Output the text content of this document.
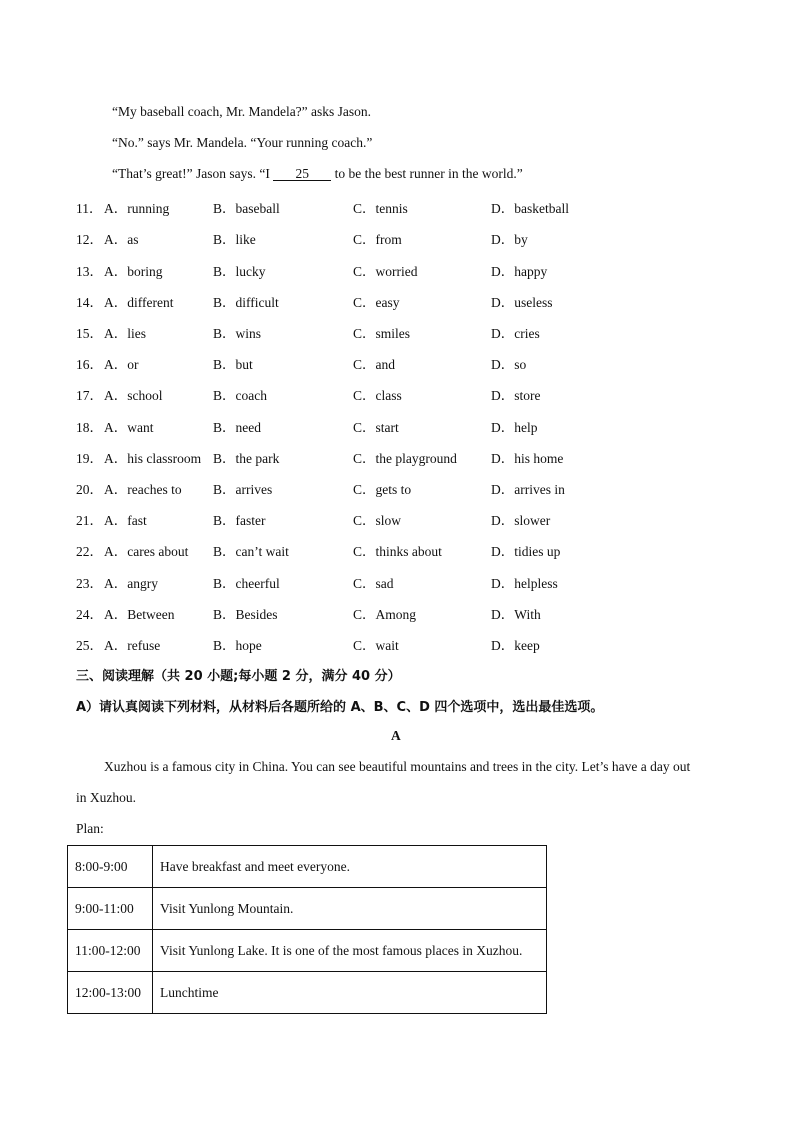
“My baseball coach, Mr. Mandela?” asks Jason.
“No.” says Mr. Mandela. “Your running coach.”
“That’s great!” Jason says. “I 25 to be the best runner in the world.”
11． A．running	B．baseball	C．tennis	D．basketball
12． A．as	B．like	C．from	D．by
13． A．boring	B．lucky	C．worried	D．happy
14． A．different	B．difficult	C．easy	D．useless
15． A．lies	B．wins	C．smiles	D．cries
16． A．or	B．but	C．and	D．so
17． A．school	B．coach	C．class	D．store
18． A．want	B．need	C．start	D．help
19． A．his classroom B．the park	C．the playground	D．his home
20． A．reaches to B．arrives	C．gets to	D．arrives in
21． A．fast	B．faster	C．slow	D．slower
22． A．cares about B．can’t wait	C．thinks about	D．tidies up
23． A．angry	B．cheerful	C．sad	D．helpless
24． A．Between	B．Besides	C．Among	D．With
25． A．refuse	B．hope	C．wait	D．keep
三、阅读理解（共 20 小题;每小题 2 分，满分 40 分）
A）请认真阅读下列材料，从材料后各题所给的 A、B、C、D 四个选项中，选出最佳选项。
A
Xuzhou is a famous city in China. You can see beautiful mountains and trees in the city. Let’s have a day out
in Xuzhou.
Plan:
8:00-9:00	Have breakfast and meet everyone.
9:00-11:00	Visit Yunlong Mountain.
11:00-12:00	Visit Yunlong Lake. It is one of the most famous places in Xuzhou.
12:00-13:00	Lunchtime
